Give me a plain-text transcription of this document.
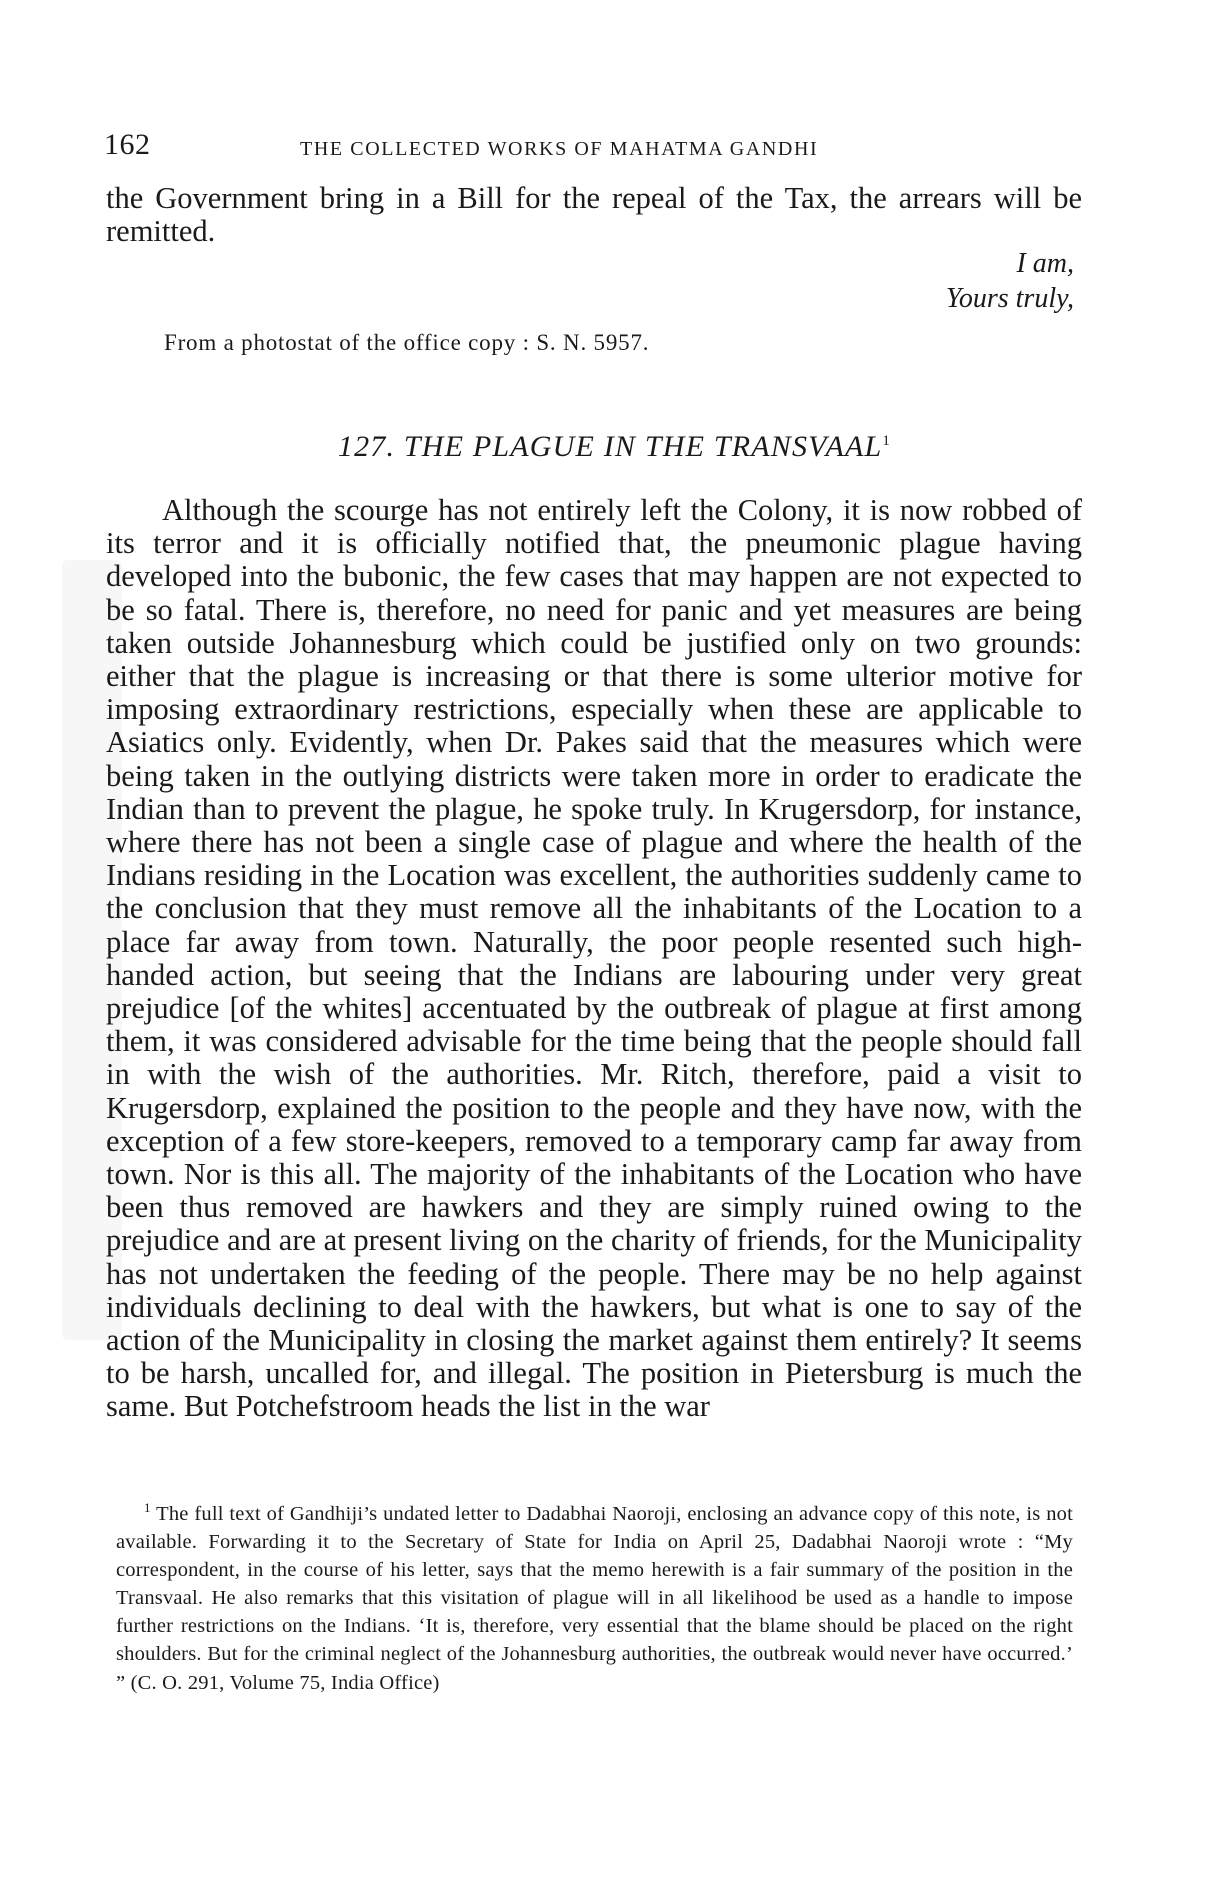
162	THE COLLECTED WORKS OF MAHATMA GANDHI
the Government bring in a Bill for the repeal of the Tax, the arrears will be remitted.
I am,
Yours truly,
From a photostat of the office copy : S. N. 5957.
127. THE PLAGUE IN THE TRANSVAAL$^1$
Although the scourge has not entirely left the Colony, it is now robbed of its terror and it is officially notified that, the pneumonic plague having developed into the bubonic, the few cases that may happen are not expected to be so fatal. There is, therefore, no need for panic and yet measures are being taken outside Johannesburg which could be justified only on two grounds: either that the plague is increasing or that there is some ulterior motive for imposing extraordinary restrictions, especially when these are applicable to Asiatics only. Evidently, when Dr. Pakes said that the measures which were being taken in the outlying districts were taken more in order to eradicate the Indian than to prevent the plague, he spoke truly. In Krugersdorp, for instance, where there has not been a single case of plague and where the health of the Indians residing in the Location was excellent, the authorities suddenly came to the conclusion that they must remove all the inhabitants of the Location to a place far away from town. Naturally, the poor people resented such high-handed action, but seeing that the Indians are labouring under very great prejudice [of the whites] accentuated by the outbreak of plague at first among them, it was considered advisable for the time being that the people should fall in with the wish of the authorities. Mr. Ritch, therefore, paid a visit to Krugersdorp, explained the position to the people and they have now, with the exception of a few store-keepers, removed to a temporary camp far away from town. Nor is this all. The majority of the inhabitants of the Location who have been thus removed are hawkers and they are simply ruined owing to the prejudice and are at present living on the charity of friends, for the Municipality has not undertaken the feeding of the people. There may be no help against individuals declining to deal with the hawkers, but what is one to say of the action of the Municipality in closing the market against them entirely? It seems to be harsh, uncalled for, and illegal. The position in Pietersburg is much the same. But Potchefstroom heads the list in the war
$^1$ The full text of Gandhiji’s undated letter to Dadabhai Naoroji, enclosing an advance copy of this note, is not available. Forwarding it to the Secretary of State for India on April 25, Dadabhai Naoroji wrote : “My correspondent, in the course of his letter, says that the memo herewith is a fair summary of the position in the Transvaal. He also remarks that this visitation of plague will in all likelihood be used as a handle to impose further restrictions on the Indians. ‘It is, therefore, very essential that the blame should be placed on the right shoulders. But for the criminal neglect of the Johannesburg authorities, the outbreak would never have occurred.’ ” (C. O. 291, Volume 75, India Office)
